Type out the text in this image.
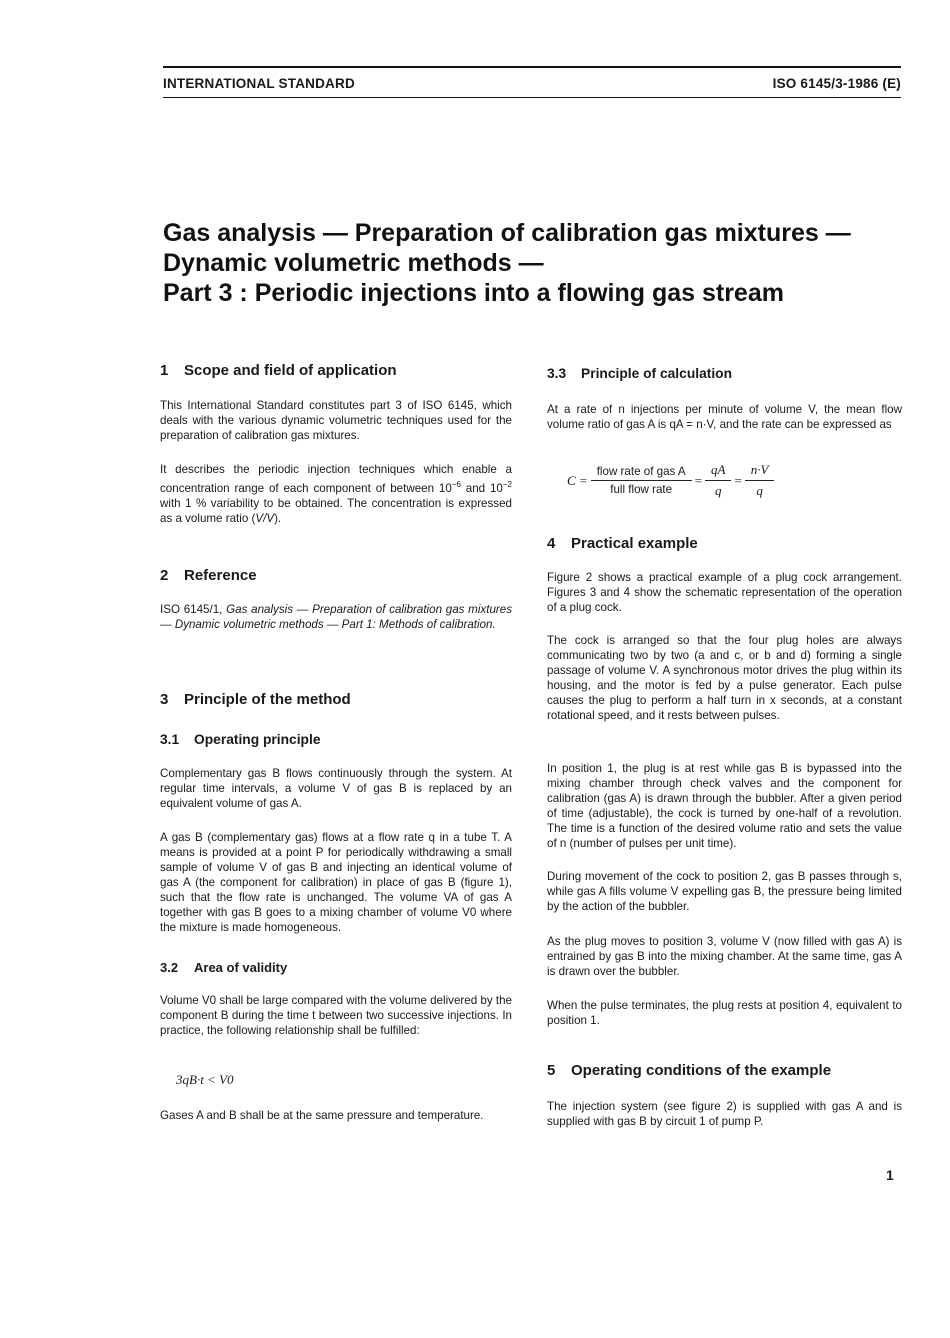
INTERNATIONAL STANDARD	ISO 6145/3-1986 (E)
Gas analysis — Preparation of calibration gas mixtures —
Dynamic volumetric methods —
Part 3 : Periodic injections into a flowing gas stream
1 Scope and field of application
This International Standard constitutes part 3 of ISO 6145, which deals with the various dynamic volumetric techniques used for the preparation of calibration gas mixtures.
It describes the periodic injection techniques which enable a concentration range of each component of between $10^{-6}$ and $10^{-2}$ with 1 % variability to be obtained. The concentration is expressed as a volume ratio (V/V).
2 Reference
ISO 6145/1, Gas analysis — Preparation of calibration gas mixtures — Dynamic volumetric methods — Part 1: Methods of calibration.
3 Principle of the method
3.1 Operating principle
Complementary gas B flows continuously through the system. At regular time intervals, a volume V of gas B is replaced by an equivalent volume of gas A.
A gas B (complementary gas) flows at a flow rate q in a tube T. A means is provided at a point P for periodically withdrawing a small sample of volume V of gas B and injecting an identical volume of gas A (the component for calibration) in place of gas B (figure 1), such that the flow rate is unchanged. The volume VA of gas A together with gas B goes to a mixing chamber of volume V0 where the mixture is made homogeneous.
3.2 Area of validity
Volume V0 shall be large compared with the volume delivered by the component B during the time t between two successive injections. In practice, the following relationship shall be fulfilled:
3qB·t < V0
Gases A and B shall be at the same pressure and temperature.
3.3 Principle of calculation
At a rate of n injections per minute of volume V, the mean flow volume ratio of gas A is qA = n·V, and the rate can be expressed as
$C = \frac{\text{flow rate of gas A}}{\text{full flow rate}} = \frac{qA}{q} = \frac{n\cdot V}{q}$
4 Practical example
Figure 2 shows a practical example of a plug cock arrangement. Figures 3 and 4 show the schematic representation of the operation of a plug cock.
The cock is arranged so that the four plug holes are always communicating two by two (a and c, or b and d) forming a single passage of volume V. A synchronous motor drives the plug within its housing, and the motor is fed by a pulse generator. Each pulse causes the plug to perform a half turn in x seconds, at a constant rotational speed, and it rests between pulses.
In position 1, the plug is at rest while gas B is bypassed into the mixing chamber through check valves and the component for calibration (gas A) is drawn through the bubbler. After a given period of time (adjustable), the cock is turned by one-half of a revolution. The time is a function of the desired volume ratio and sets the value of n (number of pulses per unit time).
During movement of the cock to position 2, gas B passes through s, while gas A fills volume V expelling gas B, the pressure being limited by the action of the bubbler.
As the plug moves to position 3, volume V (now filled with gas A) is entrained by gas B into the mixing chamber. At the same time, gas A is drawn over the bubbler.
When the pulse terminates, the plug rests at position 4, equivalent to position 1.
5 Operating conditions of the example
The injection system (see figure 2) is supplied with gas A and is supplied with gas B by circuit 1 of pump P.
1
